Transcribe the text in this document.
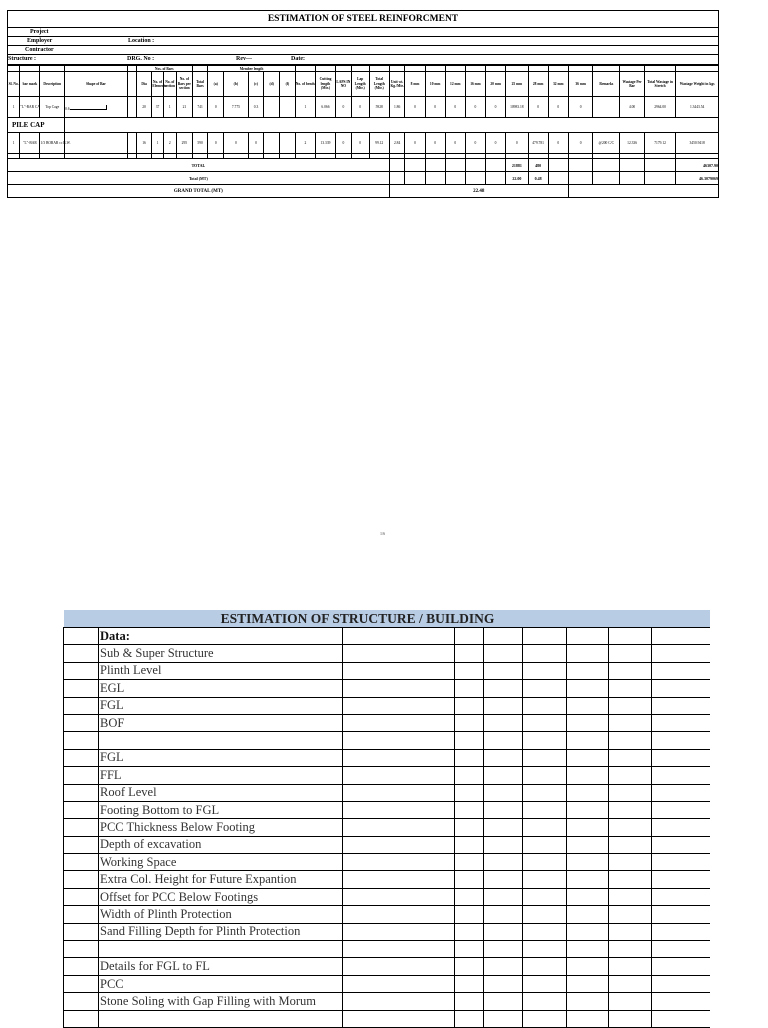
ESTIMATION OF STEEL REINFORCMENT
Project
Employer	Location :
Contractor
Structure :	DRG. No :	Rev---	Date:
					Nos. of Bars					Member length																							
Sl. No.	bar mark	Description	Shape of Bar		Dia	No. of Elements	No. of section	No. of Bars per section	Total Bars	(a)	(b)	(c)	(d)	(f)	No. of bends	Cutting length (Mtr.)	LAPS IN NO	Lap Length (Mtr.)	Total Length (Mtr.)	Unit wt. Kg./Mtr.	8 mm	10 mm	12 mm	16 mm	20 mm	25 mm	28 mm	32 mm	36 mm	Remarks	Wastage Per Bar	Total Wastage in Stretch	Wastage Weight in kgs
1	"L"-BAR CA	Top Cage	0.6		20	37	1	21	741	0	7.775	0.3			1	6.066	0	0	5928	1.86	0	0	0	0	0	10983.18	0	0	0		4.00	2964.00	1.3443.54
PILE CAP																																	
1	"L"-BAR	1/3 BOBAR cc B.W.			16	1	2	295	590	0	0	0			2	13.339	0	0	99.12	2.84	0	0	0	0	0	0	479.781	0	0	@200 C/C	12.336	7179.12	3450.9418

TOTAL																										21881	480						46307.90
Total (MT)																										22.00	0.48						46.3079069
GRAND TOTAL (MT)																				22.48													
1/6
ESTIMATION OF STRUCTURE / BUILDING								
	Data:							
	Sub & Super Structure							
	Plinth Level							
	EGL							
	FGL							
	BOF							

	FGL							
	FFL							
	Roof Level							
	Footing Bottom to FGL							
	PCC Thickness Below Footing							
	Depth of excavation							
	Working Space							
	Extra Col. Height for Future Expantion							
	Offset for PCC Below Footings							
	Width of Plinth Protection							
	Sand Filling Depth for Plinth Protection							

	Details for FGL to FL							
	PCC							
	Stone Soling with Gap Filling with Morum							
